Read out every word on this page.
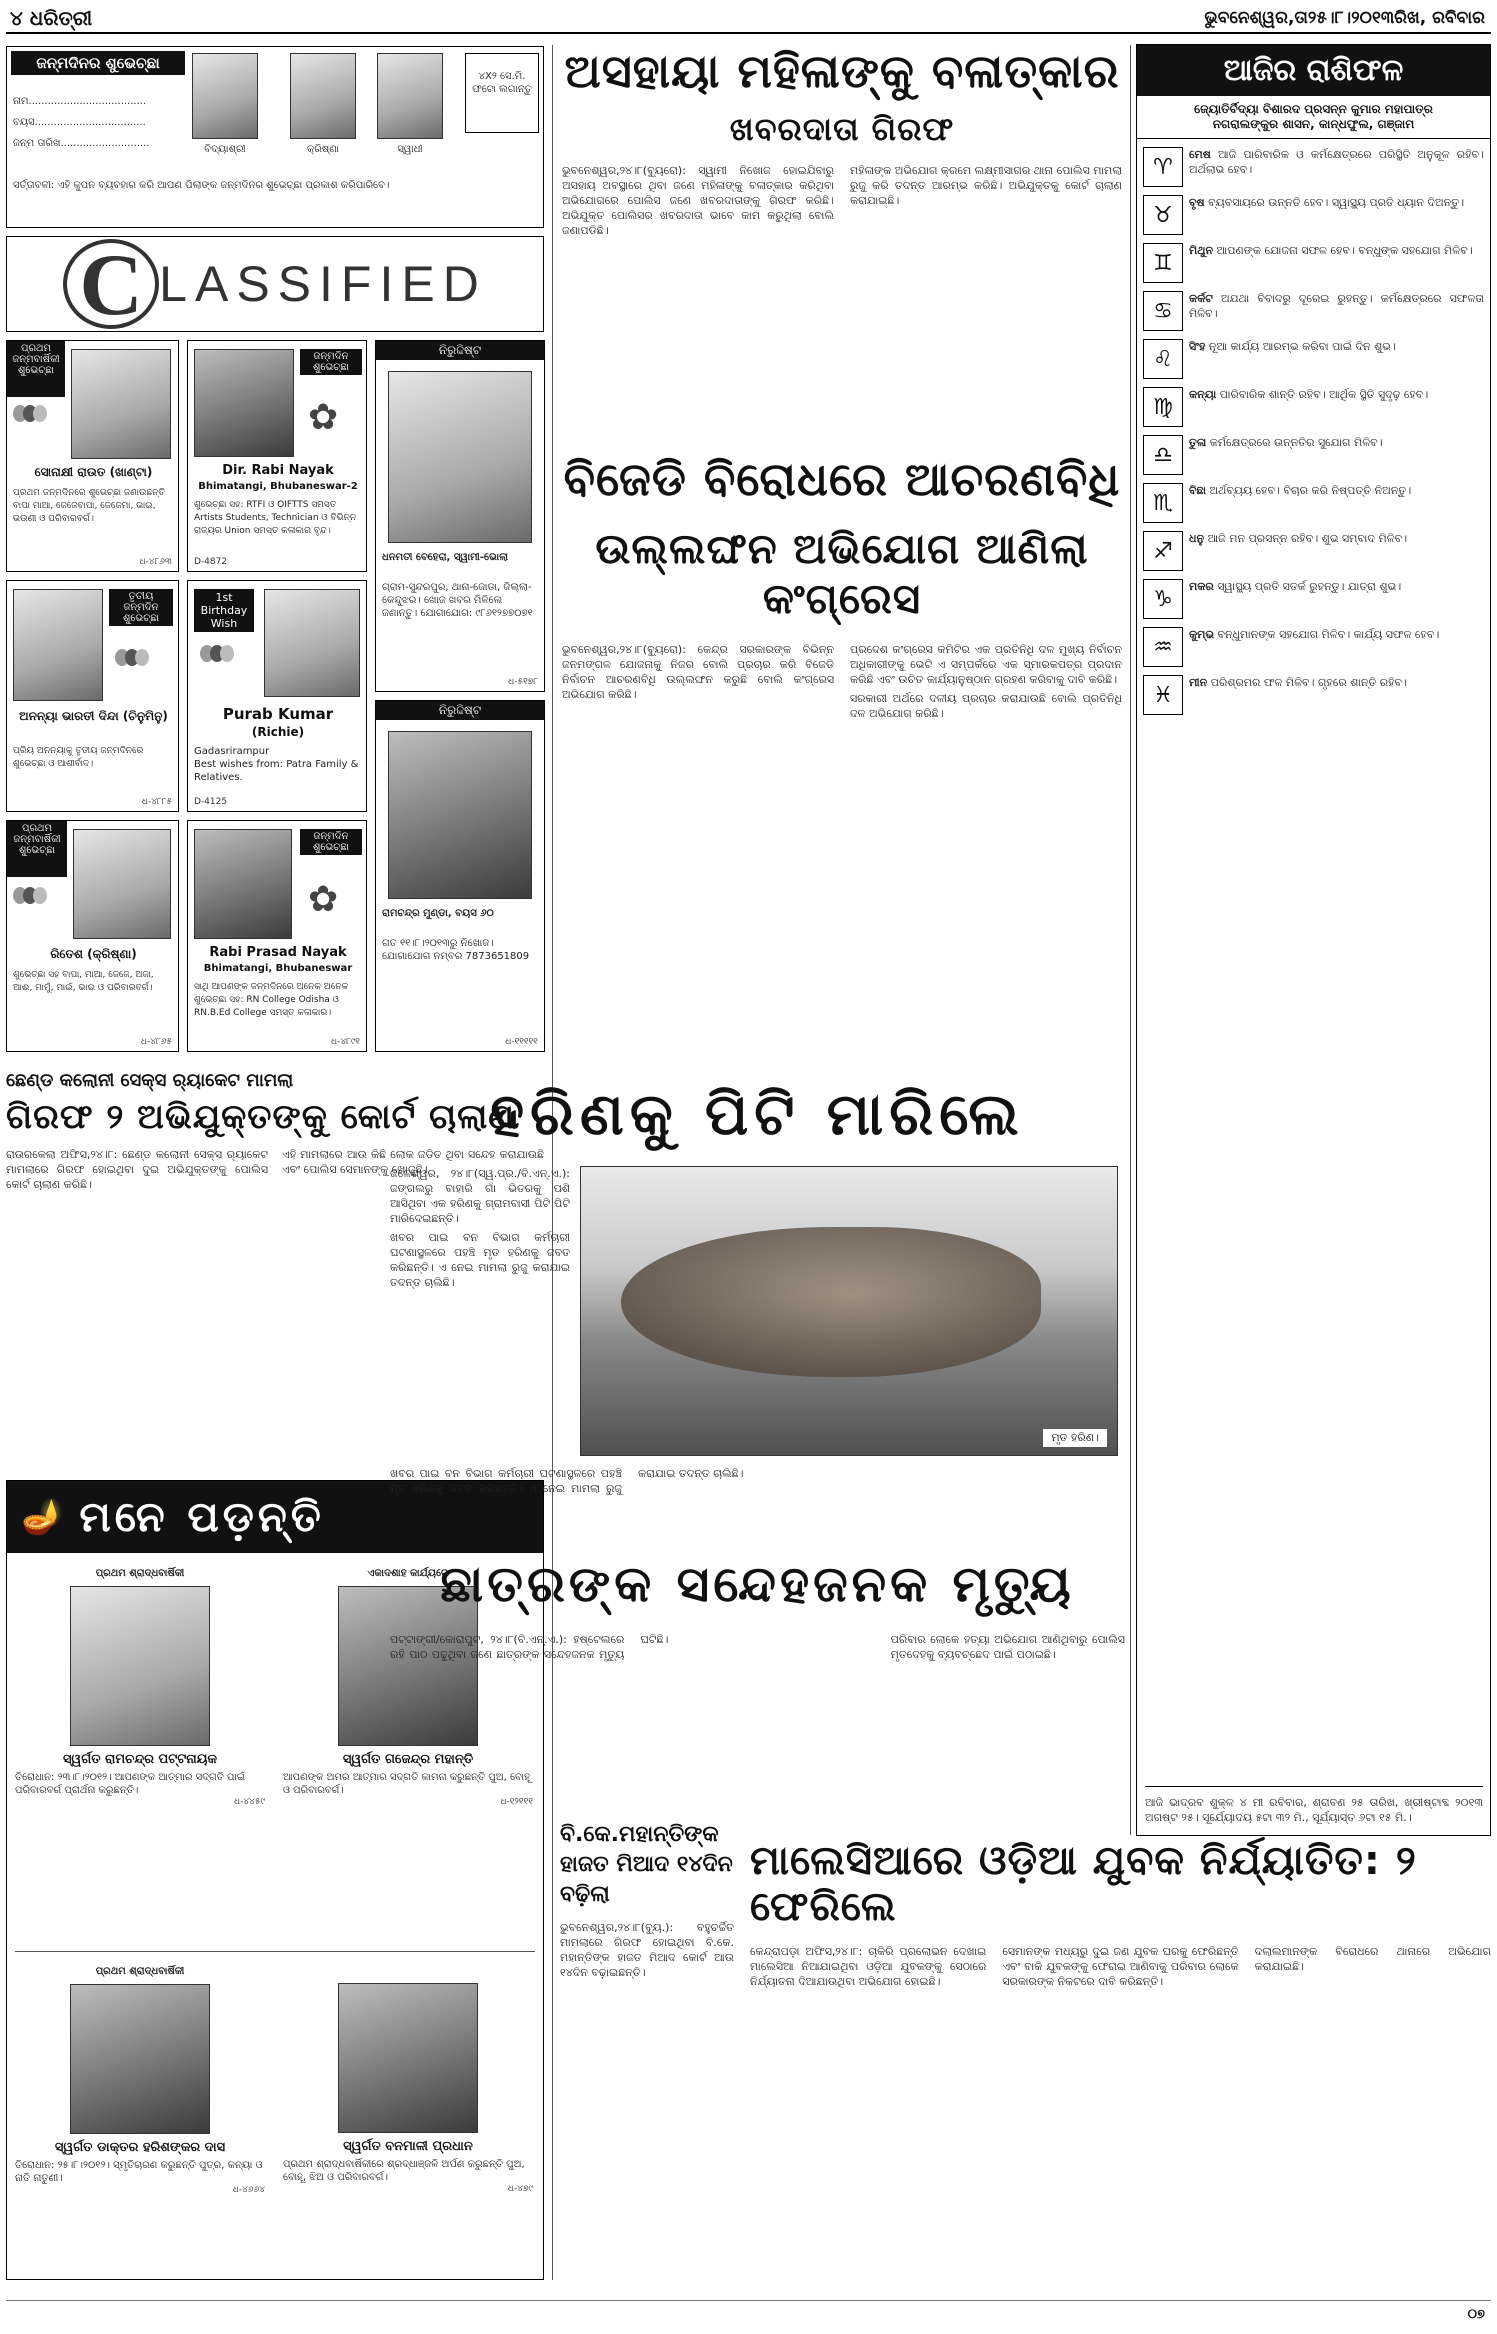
୪ ଧରିତ୍ରୀ	ଭୁବନେଶ୍ୱର,ତା୨୫।୮।୨୦୧୩ରିଖ, ରବିବାର
ଜନ୍ମଦିନର ଶୁଭେଚ୍ଛା
ନାମ.....................................
ବୟସ...................................
ଜନ୍ମ ତାରିଖ............................
ବିଦ୍ୟାଶ୍ରୀ	କ୍ରିଷ୍ଣା	ସ୍ୱାଧୀ
୪X୨ ସେ.ମି. ଫଟୋ ଲଗାନ୍ତୁ
ସର୍ତ୍ତାବଳୀ: ଏହି କୁପନ ବ୍ୟବହାର କରି ଆପଣ ପିଲାଙ୍କ ଜନ୍ମଦିନର ଶୁଭେଚ୍ଛା ପ୍ରକାଶ କରିପାରିବେ।
C LASSIFIED
ପ୍ରଥମ ଜନ୍ମବାର୍ଷିକୀ ଶୁଭେଚ୍ଛା
ସୋନାକ୍ଷୀ ରାଉତ (ଖାଣ୍ଟା)
ପ୍ରଥମ ଜନ୍ମଦିନରେ ଶୁଭେଚ୍ଛା ଜଣାଉଛନ୍ତି ବାପା ମାଆ, ଜେଜେବାପା, ଜେଜେମା, ଭାଇ, ଭଉଣୀ ଓ ପରିବାରବର୍ଗ।
ଧ-୪୮୬୩
ଜନ୍ମଦିନ ଶୁଭେଚ୍ଛା
✿
Dir. Rabi Nayak
Bhimatangi, Bhubaneswar-2
ଶୁଭେଚ୍ଛା ସହ: RTFI ଓ OIFTTS ସମସ୍ତ Artists Students, Technician ଓ ବିଭିନ୍ନ ରାଜ୍ୟର Union ସମସ୍ତ କଳାକାର ବୃନ୍ଦ।
D-4872
ତୃତୀୟ ଜନ୍ମଦିନ ଶୁଭେଚ୍ଛା
ଅନନ୍ୟା ଭାରତୀ ଦିନ୍ଦା (ଚିନୁମିନୁ)
ପ୍ରିୟ ଅନନ୍ୟାକୁ ତୃତୀୟ ଜନ୍ମଦିନରେ ଶୁଭେଚ୍ଛା ଓ ଆଶୀର୍ବାଦ।
ଧ-୪୮୮୫
1st Birthday Wish
Purab Kumar
(Richie)
Gadasrirampur
Best wishes from: Patra Family & Relatives.
D-4125
ପ୍ରଥମ ଜନ୍ମବାର୍ଷିକୀ ଶୁଭେଚ୍ଛା
ରିତେଶ (କ୍ରିଷ୍ଣା)
ଶୁଭେଚ୍ଛା ସହ ବାପା, ମାଆ, ଜେଜେ, ଅଜା, ଆଈ, ମାମୁଁ, ମାଇଁ, ଭାଇ ଓ ପରିବାରବର୍ଗ।
ଧ-୪୮୬୫
ଜନ୍ମଦିନ ଶୁଭେଚ୍ଛା
✿
Rabi Prasad Nayak
Bhimatangi, Bhubaneswar
ସାଥି ଆପଣଙ୍କ ଜନ୍ମଦିନରେ ଅନେକ ଅନେକ ଶୁଭେଚ୍ଛା ସହ: RN College Odisha ଓ RN.B.Ed College ସମସ୍ତ କଳାକାର।
ଧ-୪୮୯୧
ନିରୁଦ୍ଦିଷ୍ଟ
ଧନମତୀ ବେହେରା, ସ୍ୱାମୀ-ଭୋଲା
ଗ୍ରାମ-ସୁନ୍ଦରପୁର, ଥାନା-ଜୋଡା, ଜିଲ୍ଲା-କେନ୍ଦୁଝର। ଖୋଜ ଖବର ମିଳିଲେ ଜଣାନ୍ତୁ। ଯୋଗାଯୋଗ: ୯୮୬୧୨୭୭୦୭୧
ଧ-୫୧୭୮
ନିରୁଦ୍ଦିଷ୍ଟ
ରାମଚନ୍ଦ୍ର ମୁଣ୍ଡା, ବୟସ ୬୦
ଗତ ୧୧।୮।୨୦୧୩ରୁ ନିଖୋଜ। ଯୋଗାଯୋଗ ନମ୍ବର 7873651809
ଧ-୧୧୧୧୧
ଛେଣ୍ଡ କଲୋନୀ ସେକ୍ସ ର‍୍ୟାକେଟ ମାମଲା
ଗିରଫ ୨ ଅଭିଯୁକ୍ତଙ୍କୁ କୋର୍ଟ ଚାଲାଣ

ରାଉରକେଲା ଅଫିସ,୨୪।୮: ଛେଣ୍ଡ କଲୋନୀ ସେକ୍ସ ର‍୍ୟାକେଟ ମାମଲାରେ ଗିରଫ ହୋଇଥିବା ଦୁଇ ଅଭିଯୁକ୍ତଙ୍କୁ ପୋଲିସ କୋର୍ଟ ଚାଲାଣ କରିଛି।

ଏହି ମାମଲାରେ ଆଉ କିଛି ଲୋକ ଜଡିତ ଥିବା ସନ୍ଦେହ କରାଯାଉଛି ଏବଂ ପୋଲିସ ସେମାନଙ୍କୁ ଖୋଜୁଛି।

🪔 ମନେ ପଡ଼ନ୍ତି
ପ୍ରଥମ ଶ୍ରାଦ୍ଧବାର୍ଷିକୀ
ସ୍ୱର୍ଗତ ରାମଚନ୍ଦ୍ର ପଟ୍ଟନାୟକ
ତିରୋଧାନ: ୨୩।୮।୨୦୧୨। ଆପଣଙ୍କ ଆତ୍ମାର ସଦ୍‌ଗତି ପାଇଁ ପରିବାରବର୍ଗ ପ୍ରାର୍ଥନା କରୁଛନ୍ତି।
ଧ-୪୪୫୯
ଏକାଦଶାହ କାର୍ଯ୍ୟରେ
ସ୍ୱର୍ଗତ ଗଜେନ୍ଦ୍ର ମହାନ୍ତି
ଆପଣଙ୍କ ଅମର ଆତ୍ମାର ସଦ୍‌ଗତି କାମନା କରୁଛନ୍ତି ପୁଅ, ବୋହୂ ଓ ପରିବାରବର୍ଗ।
ଧ-୧୨୧୧୧
ପ୍ରଥମ ଶ୍ରାଦ୍ଧବାର୍ଷିକୀ
ସ୍ୱର୍ଗତ ଡାକ୍ତର ହରିଶଙ୍କର ଦାସ
ତିରୋଧାନ: ୨୫।୮।୨୦୧୨। ସ୍ମୃତିଚାରଣ କରୁଛନ୍ତି ପୁତ୍ର, କନ୍ୟା ଓ ନାତି ନାତୁଣୀ।
ଧ-୪୬୬୪
ସ୍ୱର୍ଗତ ବନମାଳୀ ପ୍ରଧାନ
ପ୍ରଥମ ଶ୍ରାଦ୍ଧବାର୍ଷିକୀରେ ଶ୍ରଦ୍ଧାଞ୍ଜଳି ଅର୍ପଣ କରୁଛନ୍ତି ପୁଅ, ବୋହୂ, ଝିଅ ଓ ପରିବାରବର୍ଗ।
ଧ-୪୭୯
ଅସହାୟା ମହିଳାଙ୍କୁ ବଳାତ୍କାର
ଖବରଦାତା ଗିରଫ

ଭୁବନେଶ୍ୱର,୨୪।୮(ବ୍ୟୁରୋ): ସ୍ୱାମୀ ନିଖୋଜ ହୋଇଯିବାରୁ ଅସହାୟ ଅବସ୍ଥାରେ ଥିବା ଜଣେ ମହିଳାଙ୍କୁ ବଳାତ୍କାର କରିଥିବା ଅଭିଯୋଗରେ ପୋଲିସ ଜଣେ ଖବରଦାତାଙ୍କୁ ଗିରଫ କରିଛି। ଅଭିଯୁକ୍ତ ପୋଲିସର ଖବରଦାତା ଭାବେ କାମ କରୁଥିଲା ବୋଲି ଜଣାପଡିଛି।

ମହିଳାଙ୍କ ଅଭିଯୋଗ କ୍ରମେ ଲକ୍ଷ୍ମୀସାଗର ଥାନା ପୋଲିସ ମାମଲା ରୁଜୁ କରି ତଦନ୍ତ ଆରମ୍ଭ କରିଛି। ଅଭିଯୁକ୍ତକୁ କୋର୍ଟ ଚାଲାଣ କରାଯାଇଛି।

ବିଜେଡି ବିରୋଧରେ ଆଚରଣବିଧି
ଉଲ୍ଲଙ୍ଘନ ଅଭିଯୋଗ ଆଣିଲା କଂଗ୍ରେସ

ଭୁବନେଶ୍ୱର,୨୪।୮(ବ୍ୟୁରୋ): କେନ୍ଦ୍ର ସରକାରଙ୍କ ବିଭିନ୍ନ ଜନମଙ୍ଗଳ ଯୋଜନାକୁ ନିଜର ବୋଲି ପ୍ରଚାର କରି ବିଜେଡି ନିର୍ବାଚନ ଆଚରଣବିଧି ଉଲ୍ଲଙ୍ଘନ କରୁଛି ବୋଲି କଂଗ୍ରେସ ଅଭିଯୋଗ କରିଛି।

ପ୍ରଦେଶ କଂଗ୍ରେସ କମିଟିର ଏକ ପ୍ରତିନିଧି ଦଳ ମୁଖ୍ୟ ନିର୍ବାଚନ ଅଧିକାରୀଙ୍କୁ ଭେଟି ଏ ସମ୍ପର୍କରେ ଏକ ସ୍ମାରକପତ୍ର ପ୍ରଦାନ କରିଛି ଏବଂ ଉଚିତ କାର୍ଯ୍ୟାନୁଷ୍ଠାନ ଗ୍ରହଣ କରିବାକୁ ଦାବି କରିଛି।

ସରକାରୀ ଅର୍ଥରେ ଦଳୀୟ ପ୍ରଚାର କରାଯାଉଛି ବୋଲି ପ୍ରତିନିଧି ଦଳ ଅଭିଯୋଗ କରିଛି।

ହରିଣକୁ ପିଟି ମାରିଲେ

ଜଳେଶ୍ୱର, ୨୪।୮(ସ୍ୱ.ପ୍ର./ବି.ଏନ୍‌.ଏ.): ଜଙ୍ଗଲରୁ ବାହାରି ଗାଁ ଭିତରକୁ ପଶି ଆସିଥିବା ଏକ ହରିଣକୁ ଗ୍ରାମବାସୀ ପିଟି ପିଟି ମାରିଦେଇଛନ୍ତି।

ଖବର ପାଇ ବନ ବିଭାଗ କର୍ମଚାରୀ ଘଟଣାସ୍ଥଳରେ ପହଞ୍ଚି ମୃତ ହରିଣକୁ ଜବତ କରିଛନ୍ତି। ଏ ନେଇ ମାମଲା ରୁଜୁ କରାଯାଇ ତଦନ୍ତ ଚାଲିଛି।

ମୃତ ହରିଣ।

ଖବର ପାଇ ବନ ବିଭାଗ କର୍ମଚାରୀ ଘଟଣାସ୍ଥଳରେ ପହଞ୍ଚି ମୃତ ହରିଣକୁ ଜବତ କରିଛନ୍ତି। ଏ ନେଇ ମାମଲା ରୁଜୁ କରାଯାଇ ତଦନ୍ତ ଚାଲିଛି।

ଛାତ୍ରଙ୍କ ସନ୍ଦେହଜନକ ମୃତ୍ୟୁ

ପଟ୍ଟାଙ୍ଗୀ/କୋରାପୁଟ, ୨୪।୮(ବି.ଏନ୍‌.ଏ.): ହଷ୍ଟେଲରେ ରହି ପାଠ ପଢୁଥିବା ଜଣେ ଛାତ୍ରଙ୍କ ସନ୍ଦେହଜନକ ମୃତ୍ୟୁ ଘଟିଛି।	ପରିବାର ଲୋକେ ହତ୍ୟା ଅଭିଯୋଗ ଆଣିଥିବାରୁ ପୋଲିସ ମୃତଦେହକୁ ବ୍ୟବଚ୍ଛେଦ ପାଇଁ ପଠାଇଛି।

ବି.କେ.ମହାନ୍ତିଙ୍କ ହାଜତ ମିଆଦ ୧୪ଦିନ ବଢ଼ିଲା

ଭୁବନେଶ୍ୱର,୨୪।୮(ବ୍ୟୁ.): ବହୁଚର୍ଚ୍ଚିତ ମାମଲାରେ ଗିରଫ ହୋଇଥିବା ବି.କେ. ମହାନ୍ତିଙ୍କ ହାଜତ ମିଆଦ କୋର୍ଟ ଆଉ ୧୪ଦିନ ବଢ଼ାଇଛନ୍ତି।

ମାଲେସିଆରେ ଓଡ଼ିଆ ଯୁବକ ନିର୍ଯ୍ୟାତିତ: ୨ ଫେରିଲେ

କେନ୍ଦ୍ରାପଡ଼ା ଅଫିସ,୨୪।୮: ଚାକିରି ପ୍ରଲୋଭନ ଦେଖାଇ ମାଲେସିଆ ନିଆଯାଇଥିବା ଓଡ଼ିଆ ଯୁବକଙ୍କୁ ସେଠାରେ ନିର୍ଯ୍ୟାତନା ଦିଆଯାଉଥିବା ଅଭିଯୋଗ ହୋଇଛି।

ସେମାନଙ୍କ ମଧ୍ୟରୁ ଦୁଇ ଜଣ ଯୁବକ ଘରକୁ ଫେରିଛନ୍ତି ଏବଂ ବାକି ଯୁବକଙ୍କୁ ଫେରାଇ ଆଣିବାକୁ ପରିବାର ଲୋକେ ସରକାରଙ୍କ ନିକଟରେ ଦାବି କରିଛନ୍ତି।

ଦଲାଲମାନଙ୍କ ବିରୋଧରେ ଥାନାରେ ଅଭିଯୋଗ କରାଯାଇଛି।

ଆଜିର ରାଶିଫଳ
ଜ୍ୟୋତିର୍ବିଦ୍ୟା ବିଶାରଦ ପ୍ରସନ୍ନ କୁମାର ମହାପାତ୍ର
ନଗରାଲଙ୍କୁର ଶାସନ, କାନ୍ଧଫୁଲ, ଗଞ୍ଜାମ
♈	ମେଷ ଆଜି ପାରିବାରିକ ଓ କର୍ମକ୍ଷେତ୍ରରେ ପରିସ୍ଥିତି ଅନୁକୂଳ ରହିବ। ଅର୍ଥଲାଭ ହେବ।
♉	ବୃଷ ବ୍ୟବସାୟରେ ଉନ୍ନତି ହେବ। ସ୍ୱାସ୍ଥ୍ୟ ପ୍ରତି ଧ୍ୟାନ ଦିଅନ୍ତୁ।
♊	ମିଥୁନ ଆପଣଙ୍କ ଯୋଜନା ସଫଳ ହେବ। ବନ୍ଧୁଙ୍କ ସହଯୋଗ ମିଳିବ।
♋	କର୍କଟ ଅଯଥା ବିବାଦରୁ ଦୂରେଇ ରୁହନ୍ତୁ। କର୍ମକ୍ଷେତ୍ରରେ ସଫଳତା ମିଳିବ।
♌	ସିଂହ ନୂଆ କାର୍ଯ୍ୟ ଆରମ୍ଭ କରିବା ପାଇଁ ଦିନ ଶୁଭ।
♍	କନ୍ୟା ପାରିବାରିକ ଶାନ୍ତି ରହିବ। ଆର୍ଥିକ ସ୍ଥିତି ସୁଦୃଢ଼ ହେବ।
♎	ତୁଳା କର୍ମକ୍ଷେତ୍ରରେ ଉନ୍ନତିର ସୁଯୋଗ ମିଳିବ।
♏	ବିଛା ଅର୍ଥବ୍ୟୟ ହେବ। ବିଚାର କରି ନିଷ୍ପତ୍ତି ନିଅନ୍ତୁ।
♐	ଧନୁ ଆଜି ମନ ପ୍ରସନ୍ନ ରହିବ। ଶୁଭ ସମ୍ବାଦ ମିଳିବ।
♑	ମକର ସ୍ୱାସ୍ଥ୍ୟ ପ୍ରତି ସତର୍କ ରୁହନ୍ତୁ। ଯାତ୍ରା ଶୁଭ।
♒	କୁମ୍ଭ ବନ୍ଧୁମାନଙ୍କ ସହଯୋଗ ମିଳିବ। କାର୍ଯ୍ୟ ସଫଳ ହେବ।
♓	ମୀନ ପରିଶ୍ରମର ଫଳ ମିଳିବ। ଗୃହରେ ଶାନ୍ତି ରହିବ।
ଆଜି ଭାଦ୍ରବ ଶୁକ୍ଳ ୪ ମୀ ରବିବାର, ଶ୍ରାବଣ ୨୫ ତାରିଖ, ଖ୍ରୀଷ୍ଟାବ୍ଦ ୨୦୧୩ ଅଗଷ୍ଟ ୨୫। ସୂର୍ଯ୍ୟୋଦୟ ୫ଟା ୩୨ ମି., ସୂର୍ଯ୍ୟାସ୍ତ ୬ଟା ୧୫ ମି.।
୦୭
